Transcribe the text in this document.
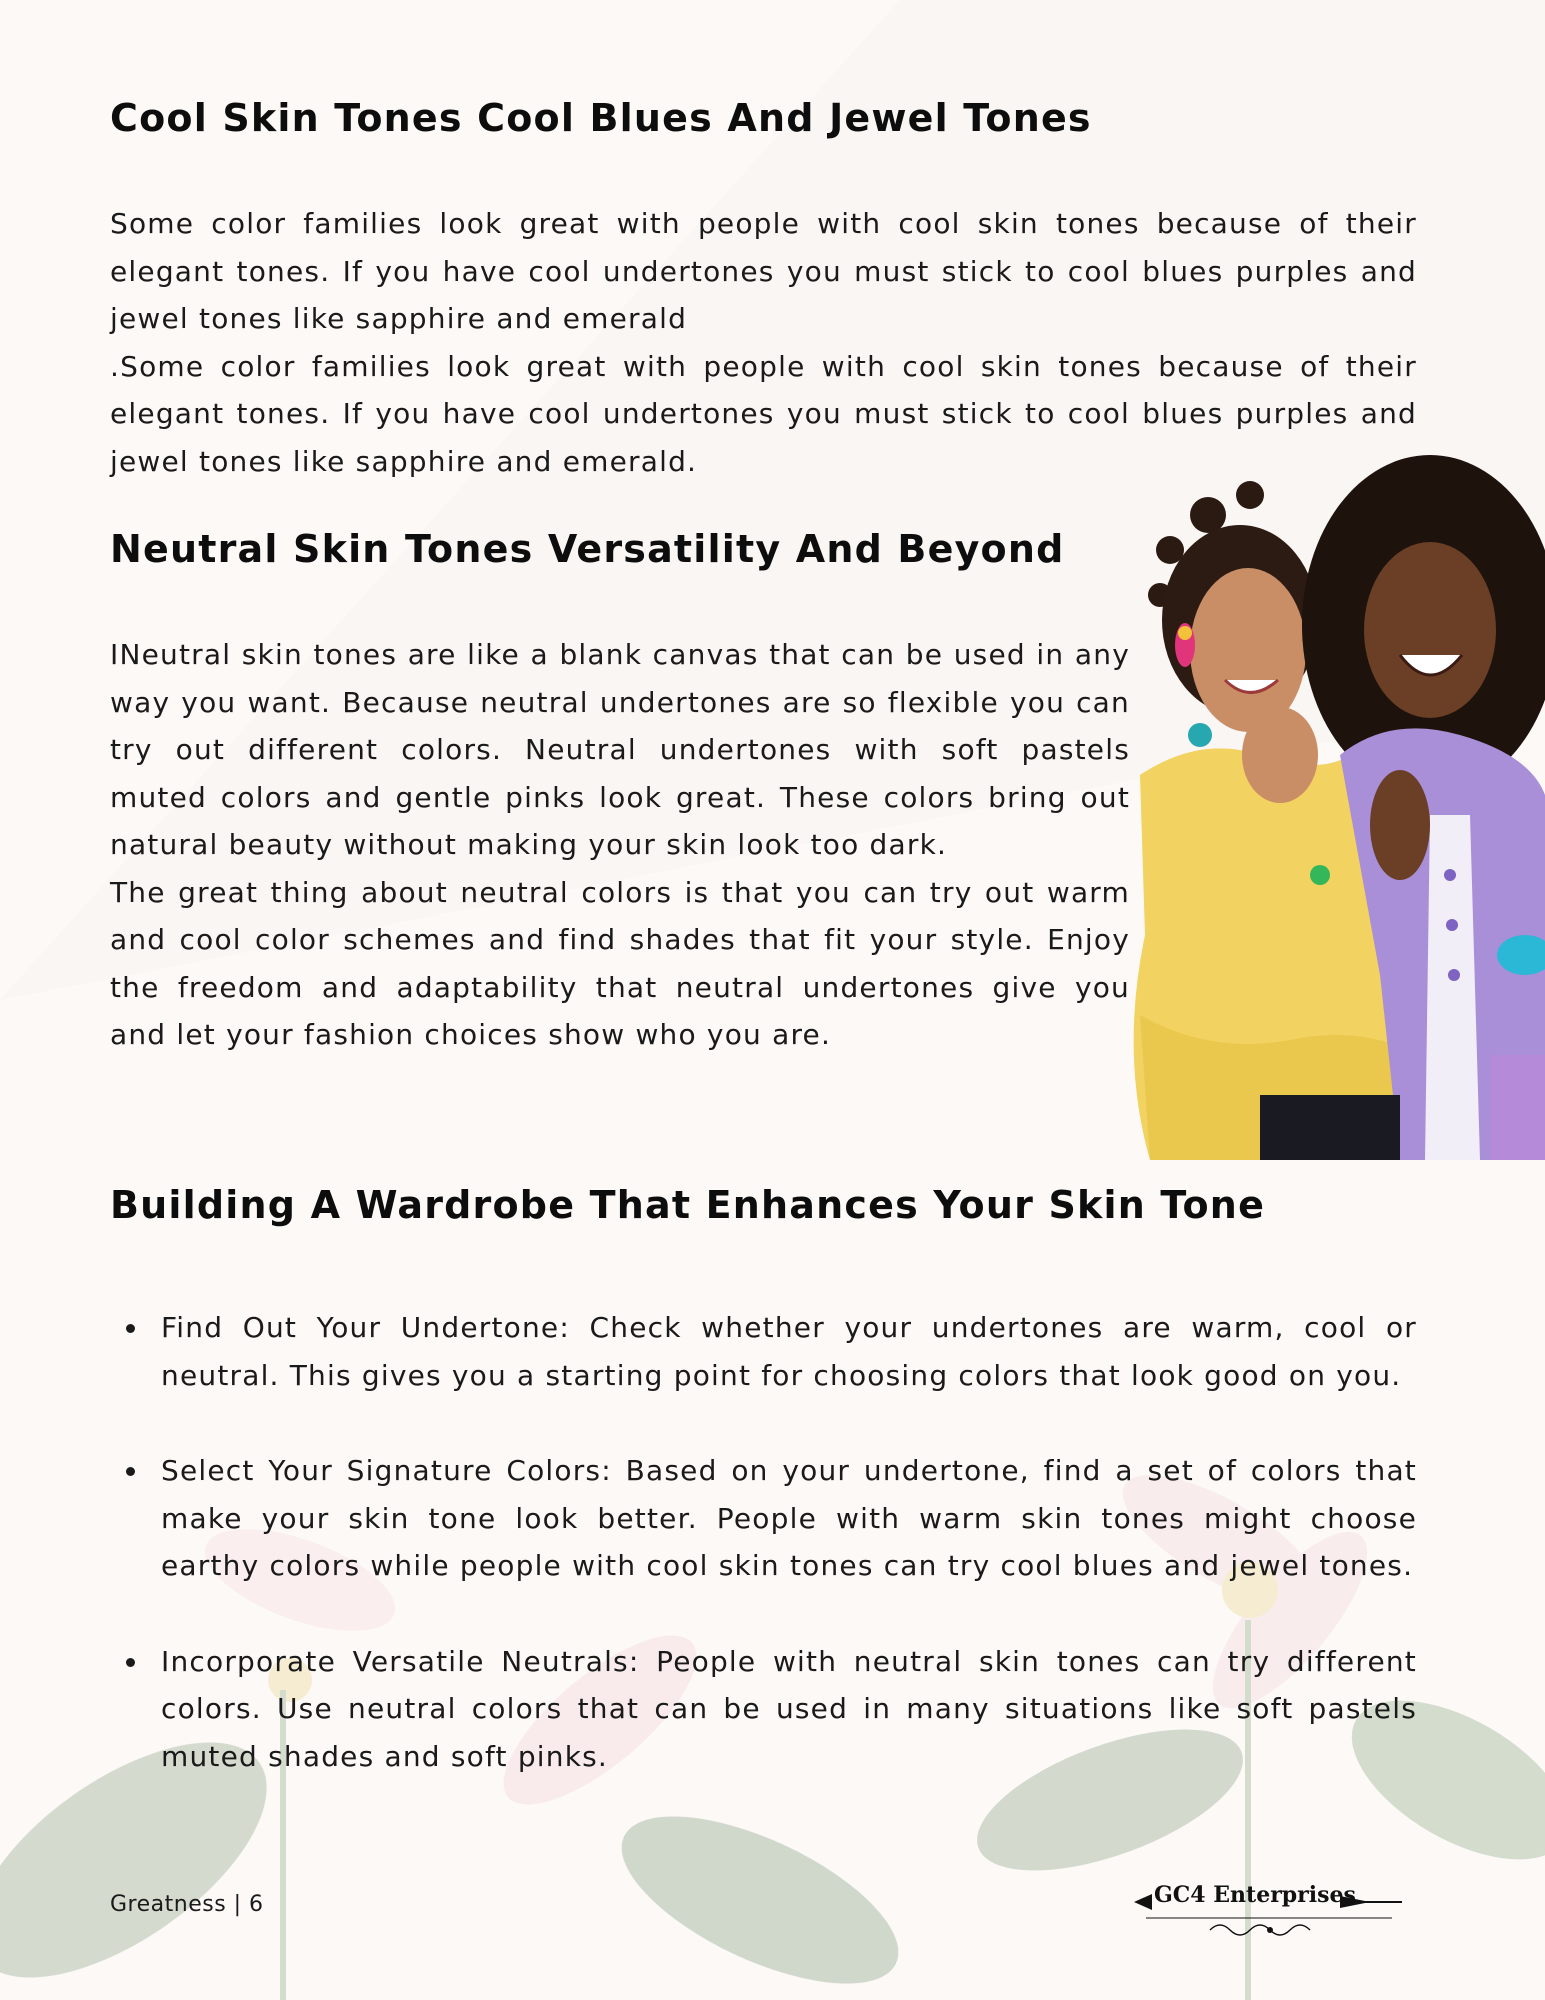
Cool Skin Tones Cool Blues And Jewel Tones
Some color families look great with people with cool skin tones because of their elegant tones. If you have cool undertones you must stick to cool blues purples and jewel tones like sapphire and emerald
.Some color families look great with people with cool skin tones because of their elegant tones. If you have cool undertones you must stick to cool blues purples and jewel tones like sapphire and emerald.
Neutral Skin Tones Versatility And Beyond
INeutral skin tones are like a blank canvas that can be used in any way you want. Because neutral undertones are so flexible you can try out different colors. Neutral undertones with soft pastels muted colors and gentle pinks look great. These colors bring out natural beauty without making your skin look too dark.
The great thing about neutral colors is that you can try out warm and cool color schemes and find shades that fit your style. Enjoy the freedom and adaptability that neutral undertones give you and let your fashion choices show who you are.
Building A Wardrobe That Enhances Your Skin Tone
Find Out Your Undertone: Check whether your undertones are warm, cool or neutral. This gives you a starting point for choosing colors that look good on you.
Select Your Signature Colors: Based on your undertone, find a set of colors that make your skin tone look better. People with warm skin tones might choose earthy colors while people with cool skin tones can try cool blues and jewel tones.
Incorporate Versatile Neutrals: People with neutral skin tones can try different colors. Use neutral colors that can be used in many situations like soft pastels muted shades and soft pinks.
Greatness | 6	GC4 Enterprises
